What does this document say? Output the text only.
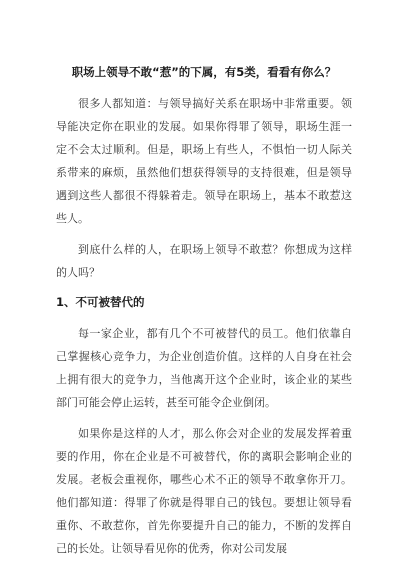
职场上领导不敢“惹”的下属，有5类，看看有你么？

很多人都知道：与领导搞好关系在职场中非常重要。领导能决定你在职业的发展。如果你得罪了领导，职场生涯一定不会太过顺利。但是，职场上有些人，不惧怕一切人际关系带来的麻烦，虽然他们想获得领导的支持很难，但是领导遇到这些人都很不得躲着走。领导在职场上，基本不敢惹这些人。

到底什么样的人，在职场上领导不敢惹？你想成为这样的人吗？

1、不可被替代的

每一家企业，都有几个不可被替代的员工。他们依靠自己掌握核心竞争力，为企业创造价值。这样的人自身在社会上拥有很大的竞争力，当他离开这个企业时，该企业的某些部门可能会停止运转，甚至可能令企业倒闭。

如果你是这样的人才，那么你会对企业的发展发挥着重要的作用，你在企业是不可被替代，你的离职会影响企业的发展。老板会重视你，哪些心术不正的领导不敢拿你开刀。他们都知道：得罪了你就是得罪自己的钱包。要想让领导看重你、不敢惹你，首先你要提升自己的能力，不断的发挥自己的长处。让领导看见你的优秀，你对公司发展
